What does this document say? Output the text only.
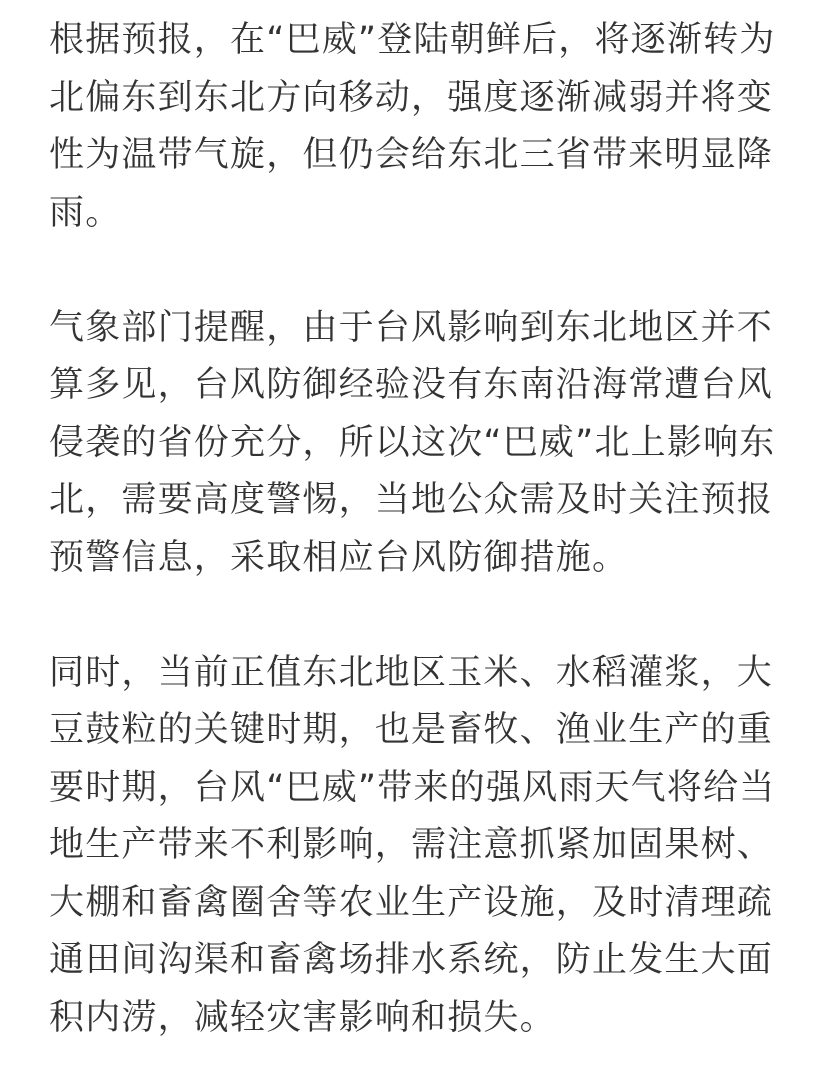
根据预报，在“巴威”登陆朝鲜后，将逐渐转为北偏东到东北方向移动，强度逐渐减弱并将变性为温带气旋，但仍会给东北三省带来明显降雨。

气象部门提醒，由于台风影响到东北地区并不算多见，台风防御经验没有东南沿海常遭台风侵袭的省份充分，所以这次“巴威”北上影响东北，需要高度警惕，当地公众需及时关注预报预警信息，采取相应台风防御措施。

同时，当前正值东北地区玉米、水稻灌浆，大豆鼓粒的关键时期，也是畜牧、渔业生产的重要时期，台风“巴威”带来的强风雨天气将给当地生产带来不利影响，需注意抓紧加固果树、大棚和畜禽圈舍等农业生产设施，及时清理疏通田间沟渠和畜禽场排水系统，防止发生大面积内涝，减轻灾害影响和损失。
